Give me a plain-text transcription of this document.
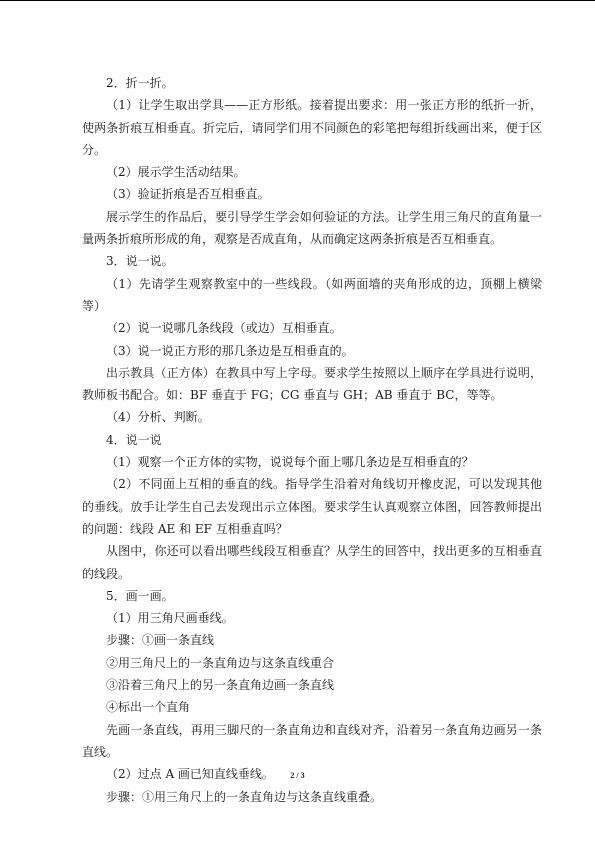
2．折一折。

（1）让学生取出学具——正方形纸。接着提出要求：用一张正方形的纸折一折，使两条折痕互相垂直。折完后，请同学们用不同颜色的彩笔把每组折线画出来，便于区分。

（2）展示学生活动结果。

（3）验证折痕是否互相垂直。

展示学生的作品后，要引导学生学会如何验证的方法。让学生用三角尺的直角量一量两条折痕所形成的角，观察是否成直角，从而确定这两条折痕是否互相垂直。

3．说一说。

（1）先请学生观察教室中的一些线段。（如两面墙的夹角形成的边，顶棚上横梁等）

（2）说一说哪几条线段（或边）互相垂直。

（3）说一说正方形的那几条边是互相垂直的。

出示教具（正方体）在教具中写上字母。要求学生按照以上顺序在学具进行说明，教师板书配合。如：BF 垂直于 FG；CG 垂直与 GH；AB 垂直于 BC，等等。

（4）分析、判断。

4．说一说

（1）观察一个正方体的实物，说说每个面上哪几条边是互相垂直的？

（2）不同面上互相的垂直的线。指导学生沿着对角线切开橡皮泥，可以发现其他的垂线。放手让学生自己去发现出示立体图。要求学生认真观察立体图，回答教师提出的问题：线段 AE 和 EF 互相垂直吗？

从图中，你还可以看出哪些线段互相垂直？从学生的回答中，找出更多的互相垂直的线段。

5．画一画。

（1）用三角尺画垂线。

步骤：①画一条直线

②用三角尺上的一条直角边与这条直线重合

③沿着三角尺上的另一条直角边画一条直线

④标出一个直角

先画一条直线，再用三脚尺的一条直角边和直线对齐，沿着另一条直角边画另一条直线。

（2）过点 A 画已知直线垂线。

步骤：①用三角尺上的一条直角边与这条直线重叠。

2 / 3
